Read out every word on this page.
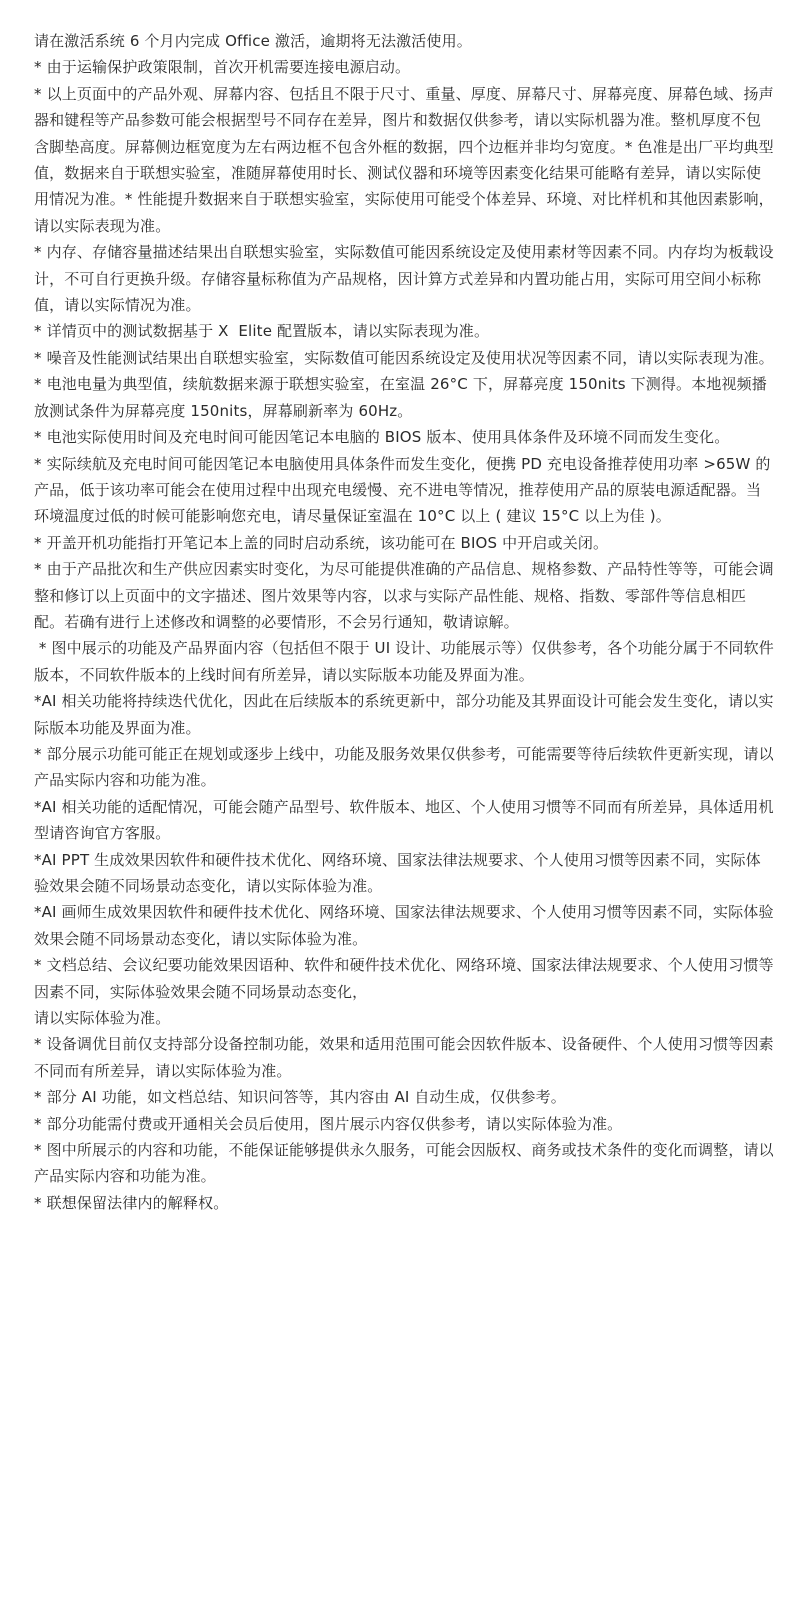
请在激活系统 6 个月内完成 Office 激活，逾期将无法激活使用。

* 由于运输保护政策限制，首次开机需要连接电源启动。

* 以上页面中的产品外观、屏幕内容、包括且不限于尺寸、重量、厚度、屏幕尺寸、屏幕亮度、屏幕色域、扬声器和键程等产品参数可能会根据型号不同存在差异，图片和数据仅供参考，请以实际机器为准。整机厚度不包含脚垫高度。屏幕侧边框宽度为左右两边框不包含外框的数据，四个边框并非均匀宽度。* 色准是出厂平均典型值，数据来自于联想实验室，准随屏幕使用时长、测试仪器和环境等因素变化结果可能略有差异，请以实际使用情况为准。* 性能提升数据来自于联想实验室，实际使用可能受个体差异、环境、对比样机和其他因素影响，请以实际表现为准。

* 内存、存储容量描述结果出自联想实验室，实际数值可能因系统设定及使用素材等因素不同。内存均为板载设计，不可自行更换升级。存储容量标称值为产品规格，因计算方式差异和内置功能占用，实际可用空间小标称值，请以实际情况为准。

* 详情页中的测试数据基于 X  Elite 配置版本，请以实际表现为准。

* 噪音及性能测试结果出自联想实验室，实际数值可能因系统设定及使用状况等因素不同，请以实际表现为准。

* 电池电量为典型值，续航数据来源于联想实验室，在室温 26°C 下，屏幕亮度 150nits 下测得。本地视频播放测试条件为屏幕亮度 150nits，屏幕刷新率为 60Hz。

* 电池实际使用时间及充电时间可能因笔记本电脑的 BIOS 版本、使用具体条件及环境不同而发生变化。

* 实际续航及充电时间可能因笔记本电脑使用具体条件而发生变化，便携 PD 充电设备推荐使用功率 >65W 的产品，低于该功率可能会在使用过程中出现充电缓慢、充不进电等情况，推荐使用产品的原装电源适配器。当环境温度过低的时候可能影响您充电，请尽量保证室温在 10°C 以上 ( 建议 15°C 以上为佳 )。

* 开盖开机功能指打开笔记本上盖的同时启动系统，该功能可在 BIOS 中开启或关闭。

* 由于产品批次和生产供应因素实时变化，为尽可能提供准确的产品信息、规格参数、产品特性等等，可能会调整和修订以上页面中的文字描述、图片效果等内容，以求与实际产品性能、规格、指数、零部件等信息相匹配。若确有进行上述修改和调整的必要情形，不会另行通知，敬请谅解。

* 图中展示的功能及产品界面内容（包括但不限于 UI 设计、功能展示等）仅供参考，各个功能分属于不同软件版本，不同软件版本的上线时间有所差异，请以实际版本功能及界面为准。

*AI 相关功能将持续迭代优化，因此在后续版本的系统更新中，部分功能及其界面设计可能会发生变化，请以实际版本功能及界面为准。

* 部分展示功能可能正在规划或逐步上线中，功能及服务效果仅供参考，可能需要等待后续软件更新实现，请以产品实际内容和功能为准。

*AI 相关功能的适配情况，可能会随产品型号、软件版本、地区、个人使用习惯等不同而有所差异，具体适用机型请咨询官方客服。

*AI PPT 生成效果因软件和硬件技术优化、网络环境、国家法律法规要求、个人使用习惯等因素不同，实际体验效果会随不同场景动态变化，请以实际体验为准。

*AI 画师生成效果因软件和硬件技术优化、网络环境、国家法律法规要求、个人使用习惯等因素不同，实际体验效果会随不同场景动态变化，请以实际体验为准。

* 文档总结、会议纪要功能效果因语种、软件和硬件技术优化、网络环境、国家法律法规要求、个人使用习惯等因素不同，实际体验效果会随不同场景动态变化，

请以实际体验为准。

* 设备调优目前仅支持部分设备控制功能，效果和适用范围可能会因软件版本、设备硬件、个人使用习惯等因素不同而有所差异，请以实际体验为准。

* 部分 AI 功能，如文档总结、知识问答等，其内容由 AI 自动生成，仅供参考。

* 部分功能需付费或开通相关会员后使用，图片展示内容仅供参考，请以实际体验为准。

* 图中所展示的内容和功能，不能保证能够提供永久服务，可能会因版权、商务或技术条件的变化而调整，请以产品实际内容和功能为准。

* 联想保留法律内的解释权。
